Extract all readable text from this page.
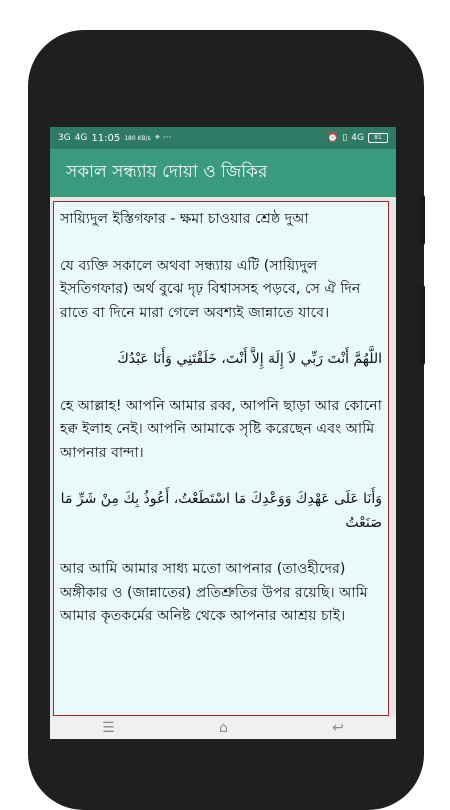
3G 4G 11:05 180 KB/s ⌖ ···	⏰ ▯ 4G	81
সকাল সন্ধ্যায় দোয়া ও জিকির

সায়্যিদুল ইস্তিগফার - ক্ষমা চাওয়ার শ্রেষ্ঠ দুআ

যে ব্যক্তি সকালে অথবা সন্ধ্যায় এটি (সায়্যিদুল ইসতিগফার) অর্থ বুঝে দৃঢ় বিশ্বাসসহ পড়বে, সে ঐ দিন রাতে বা দিনে মারা গেলে অবশ্যই জান্নাতে যাবে।

اللَّهُمَّ أَنْتَ رَبِّي لاَ إِلَهَ إِلاَّ أَنْتَ، خَلَقْتَنِي وَأَنَا عَبْدُكَ

হে আল্লাহ! আপনি আমার রব্ব, আপনি ছাড়া আর কোনো হক্ব ইলাহ নেই। আপনি আমাকে সৃষ্টি করেছেন এবং আমি আপনার বান্দা।

وَأَنَا عَلَى عَهْدِكَ وَوَعْدِكَ مَا اسْتَطَعْتُ، أَعُوذُ بِكَ مِنْ شَرِّ مَا صَنَعْتُ

আর আমি আমার সাধ্য মতো আপনার (তাওহীদের) অঙ্গীকার ও (জান্নাতের) প্রতিশ্রুতির উপর রয়েছি। আমি আমার কৃতকর্মের অনিষ্ট থেকে আপনার আশ্রয় চাই।

☰	⌂	↩
